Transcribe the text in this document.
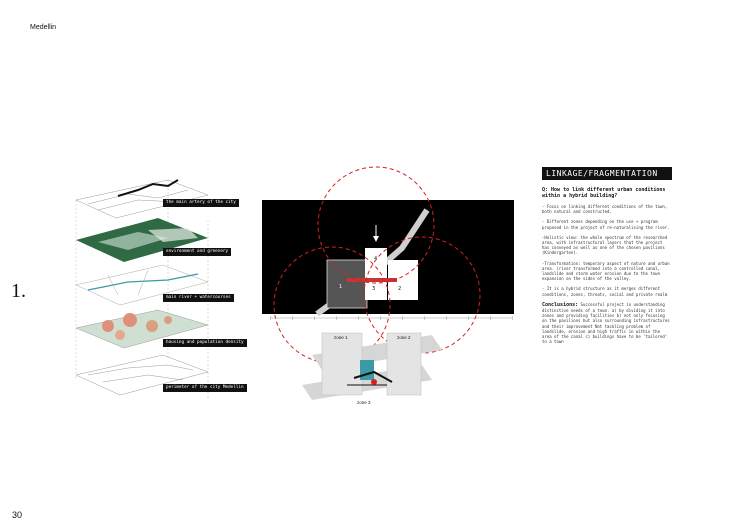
Medellin
1.
30
the main artery of the city
environment and greenery
main river + watercourses
housing and population density
perimeter of the city Medellin
1
4
3	2
zone 1	zone 2
zone 3
LINKAGE/FRAGMENTATION
Q: How to link different urban conditions within a hybrid building?
- Focus on linking different conditions of the town, both natural and constructed.
- Different zones depending on the use + program proposed in the project of re-naturalising the river.
-Holistic view: the whole spectrum of the researched area, with infrastructural layers that the project has conveyed as well as one of the chosen pavilions (Kindergarten).
-Transformation: temporary aspect of nature and urban area. (river transformed into a controlled canal, landslide and storm water erosion due to the town expansion on the sides of the valley.
- It is a hybrid structure as it merges different conditions, zones, threats, social and private realm
Conclusions: Successful project in understanding distinctive needs of a town. a) by dividing it into zones and providing facilities b) not only focusing on the pavilions but also surrounding infrastructures and their improvement Not tackling problem of landslide, erosion and high traffic in within the area of the canal c) buildings have to be 'tailored' to a town
